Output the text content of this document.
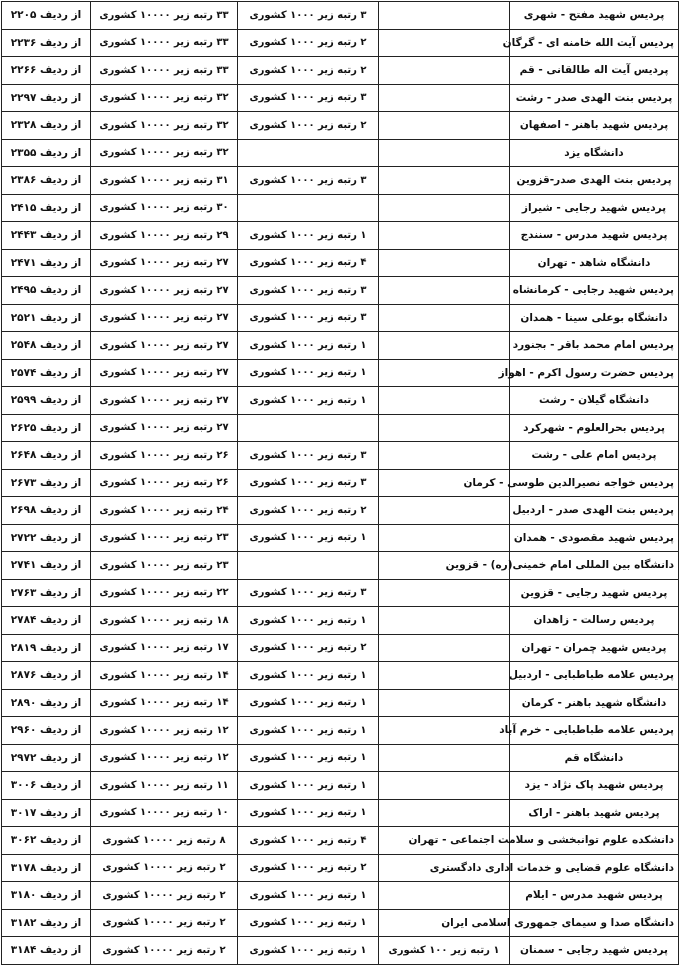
پردیس شهید مفتح - شهری		۳ رتبه زیر ۱۰۰۰ کشوری	۳۳ رتبه زیر ۱۰۰۰۰ کشوری	از ردیف ۲۲۰۵
پردیس آیت الله خامنه ای - گرگان		۲ رتبه زیر ۱۰۰۰ کشوری	۳۳ رتبه زیر ۱۰۰۰۰ کشوری	از ردیف ۲۲۳۶
پردیس آیت اله طالقانی - قم		۲ رتبه زیر ۱۰۰۰ کشوری	۳۳ رتبه زیر ۱۰۰۰۰ کشوری	از ردیف ۲۲۶۶
پردیس بنت الهدی صدر - رشت		۳ رتبه زیر ۱۰۰۰ کشوری	۳۲ رتبه زیر ۱۰۰۰۰ کشوری	از ردیف ۲۲۹۷
پردیس شهید باهنر - اصفهان		۲ رتبه زیر ۱۰۰۰ کشوری	۳۲ رتبه زیر ۱۰۰۰۰ کشوری	از ردیف ۲۳۲۸
دانشگاه یزد			۳۲ رتبه زیر ۱۰۰۰۰ کشوری	از ردیف ۲۳۵۵
پردیس بنت الهدی صدر-قزوین		۳ رتبه زیر ۱۰۰۰ کشوری	۳۱ رتبه زیر ۱۰۰۰۰ کشوری	از ردیف ۲۳۸۶
پردیس شهید رجایی - شیراز			۳۰ رتبه زیر ۱۰۰۰۰ کشوری	از ردیف ۲۴۱۵
پردیس شهید مدرس - سنندج		۱ رتبه زیر ۱۰۰۰ کشوری	۲۹ رتبه زیر ۱۰۰۰۰ کشوری	از ردیف ۲۴۴۳
دانشگاه شاهد - تهران		۴ رتبه زیر ۱۰۰۰ کشوری	۲۷ رتبه زیر ۱۰۰۰۰ کشوری	از ردیف ۲۴۷۱
پردیس شهید رجایی - کرمانشاه		۳ رتبه زیر ۱۰۰۰ کشوری	۲۷ رتبه زیر ۱۰۰۰۰ کشوری	از ردیف ۲۴۹۵
دانشگاه بوعلی سینا - همدان		۳ رتبه زیر ۱۰۰۰ کشوری	۲۷ رتبه زیر ۱۰۰۰۰ کشوری	از ردیف ۲۵۲۱
پردیس امام محمد باقر - بجنورد		۱ رتبه زیر ۱۰۰۰ کشوری	۲۷ رتبه زیر ۱۰۰۰۰ کشوری	از ردیف ۲۵۴۸
پردیس حضرت رسول اکرم - اهواز		۱ رتبه زیر ۱۰۰۰ کشوری	۲۷ رتبه زیر ۱۰۰۰۰ کشوری	از ردیف ۲۵۷۴
دانشگاه گیلان - رشت		۱ رتبه زیر ۱۰۰۰ کشوری	۲۷ رتبه زیر ۱۰۰۰۰ کشوری	از ردیف ۲۵۹۹
پردیس بحرالعلوم - شهرکرد			۲۷ رتبه زیر ۱۰۰۰۰ کشوری	از ردیف ۲۶۲۵
پردیس امام علی - رشت		۳ رتبه زیر ۱۰۰۰ کشوری	۲۶ رتبه زیر ۱۰۰۰۰ کشوری	از ردیف ۲۶۴۸
پردیس خواجه نصیرالدین طوسی - کرمان		۳ رتبه زیر ۱۰۰۰ کشوری	۲۶ رتبه زیر ۱۰۰۰۰ کشوری	از ردیف ۲۶۷۳
پردیس بنت الهدی صدر - اردبیل		۲ رتبه زیر ۱۰۰۰ کشوری	۲۴ رتبه زیر ۱۰۰۰۰ کشوری	از ردیف ۲۶۹۸
پردیس شهید مقصودی - همدان		۱ رتبه زیر ۱۰۰۰ کشوری	۲۳ رتبه زیر ۱۰۰۰۰ کشوری	از ردیف ۲۷۲۲
دانشگاه بین المللی امام خمینی(ره) - قزوین			۲۳ رتبه زیر ۱۰۰۰۰ کشوری	از ردیف ۲۷۴۱
پردیس شهید رجایی - قزوین		۳ رتبه زیر ۱۰۰۰ کشوری	۲۲ رتبه زیر ۱۰۰۰۰ کشوری	از ردیف ۲۷۶۳
پردیس رسالت - زاهدان		۱ رتبه زیر ۱۰۰۰ کشوری	۱۸ رتبه زیر ۱۰۰۰۰ کشوری	از ردیف ۲۷۸۴
پردیس شهید چمران - تهران		۲ رتبه زیر ۱۰۰۰ کشوری	۱۷ رتبه زیر ۱۰۰۰۰ کشوری	از ردیف ۲۸۱۹
پردیس علامه طباطبایی - اردبیل		۱ رتبه زیر ۱۰۰۰ کشوری	۱۴ رتبه زیر ۱۰۰۰۰ کشوری	از ردیف ۲۸۷۶
دانشگاه شهید باهنر - کرمان		۱ رتبه زیر ۱۰۰۰ کشوری	۱۴ رتبه زیر ۱۰۰۰۰ کشوری	از ردیف ۲۸۹۰
پردیس علامه طباطبایی - خرم آباد		۱ رتبه زیر ۱۰۰۰ کشوری	۱۲ رتبه زیر ۱۰۰۰۰ کشوری	از ردیف ۲۹۶۰
دانشگاه قم		۱ رتبه زیر ۱۰۰۰ کشوری	۱۲ رتبه زیر ۱۰۰۰۰ کشوری	از ردیف ۲۹۷۲
پردیس شهید پاک نژاد - یزد		۱ رتبه زیر ۱۰۰۰ کشوری	۱۱ رتبه زیر ۱۰۰۰۰ کشوری	از ردیف ۳۰۰۶
پردیس شهید باهنر - اراک		۱ رتبه زیر ۱۰۰۰ کشوری	۱۰ رتبه زیر ۱۰۰۰۰ کشوری	از ردیف ۳۰۱۷
دانشکده علوم توانبخشی و سلامت اجتماعی - تهران		۴ رتبه زیر ۱۰۰۰ کشوری	۸ رتبه زیر ۱۰۰۰۰ کشوری	از ردیف ۳۰۶۲
دانشگاه علوم قضایی و خدمات اداری دادگستری		۲ رتبه زیر ۱۰۰۰ کشوری	۲ رتبه زیر ۱۰۰۰۰ کشوری	از ردیف ۳۱۷۸
پردیس شهید مدرس - ایلام		۱ رتبه زیر ۱۰۰۰ کشوری	۲ رتبه زیر ۱۰۰۰۰ کشوری	از ردیف ۳۱۸۰
دانشگاه صدا و سیمای جمهوری اسلامی ایران		۱ رتبه زیر ۱۰۰۰ کشوری	۲ رتبه زیر ۱۰۰۰۰ کشوری	از ردیف ۳۱۸۲
پردیس شهید رجایی - سمنان	۱ رتبه زیر ۱۰۰ کشوری	۱ رتبه زیر ۱۰۰۰ کشوری	۲ رتبه زیر ۱۰۰۰۰ کشوری	از ردیف ۳۱۸۴
